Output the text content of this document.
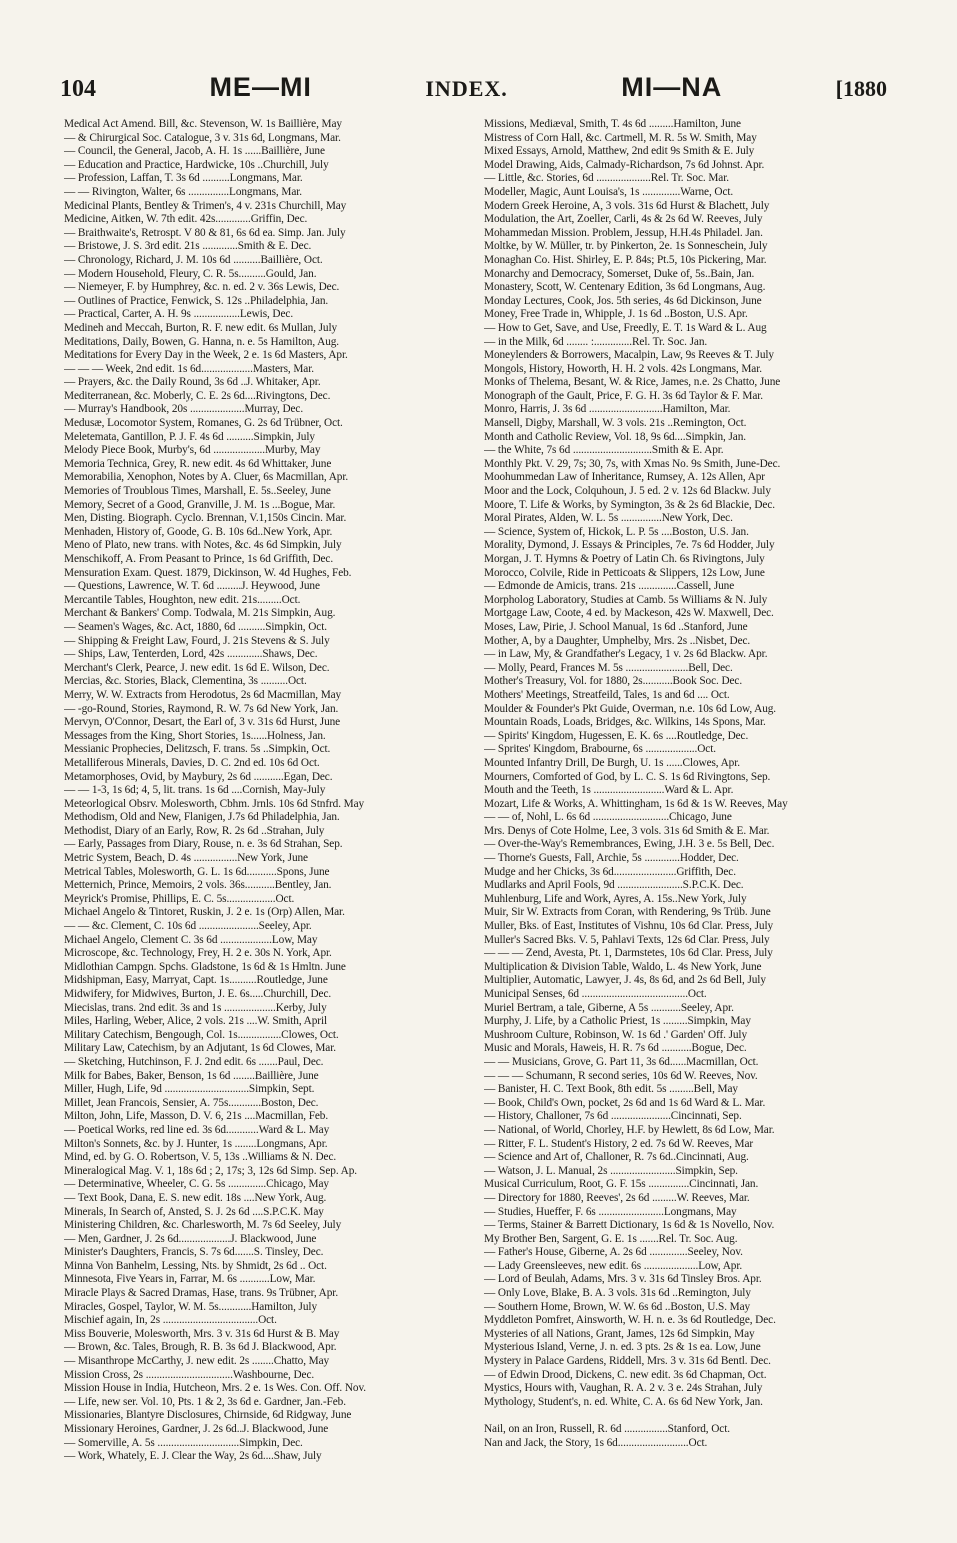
104	ME—MI	INDEX.	MI—NA	[1880
Medical Act Amend. Bill, &c. Stevenson, W. 1s Baillière, May
— & Chirurgical Soc. Catalogue, 3 v. 31s 6d, Longmans, Mar.
— Council, the General, Jacob, A. H. 1s ......Baillière, June
— Education and Practice, Hardwicke, 10s ..Churchill, July
— Profession, Laffan, T. 3s 6d ..........Longmans, Mar.
— — Rivington, Walter, 6s ...............Longmans, Mar.
Medicinal Plants, Bentley & Trimen's, 4 v. 231s Churchill, May
Medicine, Aitken, W. 7th edit. 42s.............Griffin, Dec.
— Braithwaite's, Retrospt. V 80 & 81, 6s 6d ea. Simp. Jan. July
— Bristowe, J. S. 3rd edit. 21s .............Smith & E. Dec.
— Chronology, Richard, J. M. 10s 6d ..........Baillière, Oct.
— Modern Household, Fleury, C. R. 5s..........Gould, Jan.
— Niemeyer, F. by Humphrey, &c. n. ed. 2 v. 36s Lewis, Dec.
— Outlines of Practice, Fenwick, S. 12s ..Philadelphia, Jan.
— Practical, Carter, A. H. 9s .................Lewis, Dec.
Medineh and Meccah, Burton, R. F. new edit. 6s Mullan, July
Meditations, Daily, Bowen, G. Hanna, n. e. 5s Hamilton, Aug.
Meditations for Every Day in the Week, 2 e. 1s 6d Masters, Apr.
— — — Week, 2nd edit. 1s 6d...................Masters, Mar.
— Prayers, &c. the Daily Round, 3s 6d ..J. Whitaker, Apr.
Mediterranean, &c. Moberly, C. E. 2s 6d....Rivingtons, Dec.
— Murray's Handbook, 20s ....................Murray, Dec.
Medusæ, Locomotor System, Romanes, G. 2s 6d Trübner, Oct.
Meletemata, Gantillon, P. J. F. 4s 6d ..........Simpkin, July
Melody Piece Book, Murby's, 6d ...................Murby, May
Memoria Technica, Grey, R. new edit. 4s 6d Whittaker, June
Memorabilia, Xenophon, Notes by A. Cluer, 6s Macmillan, Apr.
Memories of Troublous Times, Marshall, E. 5s..Seeley, June
Memory, Secret of a Good, Granville, J. M. 1s ...Bogue, Mar.
Men, Disting. Biograph. Cyclo. Brennan, V.1,150s Cincin. Mar.
Menhaden, History of, Goode, G. B. 10s 6d..New York, Apr.
Meno of Plato, new trans. with Notes, &c. 4s 6d Simpkin, July
Menschikoff, A. From Peasant to Prince, 1s 6d Griffith, Dec.
Mensuration Exam. Quest. 1879, Dickinson, W. 4d Hughes, Feb.
— Questions, Lawrence, W. T. 6d .........J. Heywood, June
Mercantile Tables, Houghton, new edit. 21s.........Oct.
Merchant & Bankers' Comp. Todwala, M. 21s Simpkin, Aug.
— Seamen's Wages, &c. Act, 1880, 6d ..........Simpkin, Oct.
— Shipping & Freight Law, Fourd, J. 21s Stevens & S. July
— Ships, Law, Tenterden, Lord, 42s .............Shaws, Dec.
Merchant's Clerk, Pearce, J. new edit. 1s 6d E. Wilson, Dec.
Mercias, &c. Stories, Black, Clementina, 3s ..........Oct.
Merry, W. W. Extracts from Herodotus, 2s 6d Macmillan, May
— -go-Round, Stories, Raymond, R. W. 7s 6d New York, Jan.
Mervyn, O'Connor, Desart, the Earl of, 3 v. 31s 6d Hurst, June
Messages from the King, Short Stories, 1s......Holness, Jan.
Messianic Prophecies, Delitzsch, F. trans. 5s ..Simpkin, Oct.
Metalliferous Minerals, Davies, D. C. 2nd ed. 10s 6d Oct.
Metamorphoses, Ovid, by Maybury, 2s 6d ...........Egan, Dec.
— — 1-3, 1s 6d; 4, 5, lit. trans. 1s 6d ....Cornish, May-July
Meteorlogical Obsrv. Molesworth, Cbhm. Jrnls. 10s 6d Stnfrd. May
Methodism, Old and New, Flanigen, J.7s 6d Philadelphia, Jan.
Methodist, Diary of an Early, Row, R. 2s 6d ..Strahan, July
— Early, Passages from Diary, Rouse, n. e. 3s 6d Strahan, Sep.
Metric System, Beach, D. 4s ................New York, June
Metrical Tables, Molesworth, G. L. 1s 6d...........Spons, June
Metternich, Prince, Memoirs, 2 vols. 36s...........Bentley, Jan.
Meyrick's Promise, Phillips, E. C. 5s..................Oct.
Michael Angelo & Tintoret, Ruskin, J. 2 e. 1s (Orp) Allen, Mar.
— — &c. Clement, C. 10s 6d ......................Seeley, Apr.
Michael Angelo, Clement C. 3s 6d ...................Low, May
Microscope, &c. Technology, Frey, H. 2 e. 30s N. York, Apr.
Midlothian Campgn. Spchs. Gladstone, 1s 6d & 1s Hmltn. June
Midshipman, Easy, Marryat, Capt. 1s..........Routledge, June
Midwifery, for Midwives, Burton, J. E. 6s.....Churchill, Dec.
Miecislas, trans. 2nd edit. 3s and 1s ...................Kerby, July
Miles, Harling, Weber, Alice, 2 vols. 21s ....W. Smith, April
Military Catechism, Bengough, Col. 1s................Clowes, Oct.
Military Law, Catechism, by an Adjutant, 1s 6d Clowes, Mar.
— Sketching, Hutchinson, F. J. 2nd edit. 6s .......Paul, Dec.
Milk for Babes, Baker, Benson, 1s 6d ........Baillière, June
Miller, Hugh, Life, 9d ...............................Simpkin, Sept.
Millet, Jean Francois, Sensier, A. 75s............Boston, Dec.
Milton, John, Life, Masson, D. V. 6, 21s ....Macmillan, Feb.
— Poetical Works, red line ed. 3s 6d............Ward & L. May
Milton's Sonnets, &c. by J. Hunter, 1s ........Longmans, Apr.
Mind, ed. by G. O. Robertson, V. 5, 13s ..Williams & N. Dec.
Mineralogical Mag. V. 1, 18s 6d ; 2, 17s; 3, 12s 6d Simp. Sep. Ap.
— Determinative, Wheeler, C. G. 5s ..............Chicago, May
— Text Book, Dana, E. S. new edit. 18s ....New York, Aug.
Minerals, In Search of, Ansted, S. J. 2s 6d ....S.P.C.K. May
Ministering Children, &c. Charlesworth, M. 7s 6d Seeley, July
— Men, Gardner, J. 2s 6d...................J. Blackwood, June
Minister's Daughters, Francis, S. 7s 6d.......S. Tinsley, Dec.
Minna Von Banhelm, Lessing, Nts. by Shmidt, 2s 6d .. Oct.
Minnesota, Five Years in, Farrar, M. 6s ...........Low, Mar.
Miracle Plays & Sacred Dramas, Hase, trans. 9s Trübner, Apr.
Miracles, Gospel, Taylor, W. M. 5s............Hamilton, July
Mischief again, In, 2s ...................................Oct.
Miss Bouverie, Molesworth, Mrs. 3 v. 31s 6d Hurst & B. May
— Brown, &c. Tales, Brough, R. B. 3s 6d J. Blackwood, Apr.
— Misanthrope McCarthy, J. new edit. 2s ........Chatto, May
Mission Cross, 2s ................................Washbourne, Dec.
Mission House in India, Hutcheon, Mrs. 2 e. 1s Wes. Con. Off. Nov.
— Life, new ser. Vol. 10, Pts. 1 & 2, 3s 6d e. Gardner, Jan.-Feb.
Missionaries, Blantyre Disclosures, Chirnside, 6d Ridgway, June
Missionary Heroines, Gardner, J. 2s 6d..J. Blackwood, June
— Somerville, A. 5s ..............................Simpkin, Dec.
— Work, Whately, E. J. Clear the Way, 2s 6d....Shaw, July
Missions, Mediæval, Smith, T. 4s 6d .........Hamilton, June
Mistress of Corn Hall, &c. Cartmell, M. R. 5s W. Smith, May
Mixed Essays, Arnold, Matthew, 2nd edit 9s Smith & E. July
Model Drawing, Aids, Calmady-Richardson, 7s 6d Johnst. Apr.
— Little, &c. Stories, 6d ....................Rel. Tr. Soc. Mar.
Modeller, Magic, Aunt Louisa's, 1s ..............Warne, Oct.
Modern Greek Heroine, A, 3 vols. 31s 6d Hurst & Blachett, July
Modulation, the Art, Zoeller, Carli, 4s & 2s 6d W. Reeves, July
Mohammedan Mission. Problem, Jessup, H.H.4s Philadel. Jan.
Moltke, by W. Müller, tr. by Pinkerton, 2e. 1s Sonneschein, July
Monaghan Co. Hist. Shirley, E. P. 84s; Pt.5, 10s Pickering, Mar.
Monarchy and Democracy, Somerset, Duke of, 5s..Bain, Jan.
Monastery, Scott, W. Centenary Edition, 3s 6d Longmans, Aug.
Monday Lectures, Cook, Jos. 5th series, 4s 6d Dickinson, June
Money, Free Trade in, Whipple, J. 1s 6d ..Boston, U.S. Apr.
— How to Get, Save, and Use, Freedly, E. T. 1s Ward & L. Aug
— in the Milk, 6d ........ :..............Rel. Tr. Soc. Jan.
Moneylenders & Borrowers, Macalpin, Law, 9s Reeves & T. July
Mongols, History, Howorth, H. H. 2 vols. 42s Longmans, Mar.
Monks of Thelema, Besant, W. & Rice, James, n.e. 2s Chatto, June
Monograph of the Gault, Price, F. G. H. 3s 6d Taylor & F. Mar.
Monro, Harris, J. 3s 6d ...........................Hamilton, Mar.
Mansell, Digby, Marshall, W. 3 vols. 21s ..Remington, Oct.
Month and Catholic Review, Vol. 18, 9s 6d....Simpkin, Jan.
— the White, 7s 6d .............................Smith & E. Apr.
Monthly Pkt. V. 29, 7s; 30, 7s, with Xmas No. 9s Smith, June-Dec.
Moohummedan Law of Inheritance, Rumsey, A. 12s Allen, Apr
Moor and the Lock, Colquhoun, J. 5 ed. 2 v. 12s 6d Blackw. July
Moore, T. Life & Works, by Symington, 3s & 2s 6d Blackie, Dec.
Moral Pirates, Alden, W. L. 5s ...............New York, Dec.
— Science, System of, Hickok, L. P. 5s ....Boston, U.S. Jan.
Morality, Dymond, J. Essays & Principles, 7e. 7s 6d Hodder, July
Morgan, J. T. Hymns & Poetry of Latin Ch. 6s Rivingtons, July
Morocco, Colvile, Ride in Petticoats & Slippers, 12s Low, June
— Edmonde de Amicis, trans. 21s ..............Cassell, June
Morpholog Laboratory, Studies at Camb. 5s Williams & N. July
Mortgage Law, Coote, 4 ed. by Mackeson, 42s W. Maxwell, Dec.
Moses, Law, Pirie, J. School Manual, 1s 6d ..Stanford, June
Mother, A, by a Daughter, Umphelby, Mrs. 2s ..Nisbet, Dec.
— in Law, My, & Grandfather's Legacy, 1 v. 2s 6d Blackw. Apr.
— Molly, Peard, Frances M. 5s .......................Bell, Dec.
Mother's Treasury, Vol. for 1880, 2s...........Book Soc. Dec.
Mothers' Meetings, Streatfeild, Tales, 1s and 6d .... Oct.
Moulder & Founder's Pkt Guide, Overman, n.e. 10s 6d Low, Aug.
Mountain Roads, Loads, Bridges, &c. Wilkins, 14s Spons, Mar.
— Spirits' Kingdom, Hugessen, E. K. 6s ....Routledge, Dec.
— Sprites' Kingdom, Brabourne, 6s ...................Oct.
Mounted Infantry Drill, De Burgh, U. 1s ......Clowes, Apr.
Mourners, Comforted of God, by L. C. S. 1s 6d Rivingtons, Sep.
Mouth and the Teeth, 1s ..........................Ward & L. Apr.
Mozart, Life & Works, A. Whittingham, 1s 6d & 1s W. Reeves, May
— — of, Nohl, L. 6s 6d ............................Chicago, June
Mrs. Denys of Cote Holme, Lee, 3 vols. 31s 6d Smith & E. Mar.
— Over-the-Way's Remembrances, Ewing, J.H. 3 e. 5s Bell, Dec.
— Thorne's Guests, Fall, Archie, 5s .............Hodder, Dec.
Mudge and her Chicks, 3s 6d.......................Griffith, Dec.
Mudlarks and April Fools, 9d ........................S.P.C.K. Dec.
Muhlenburg, Life and Work, Ayres, A. 15s..New York, July
Muir, Sir W. Extracts from Coran, with Rendering, 9s Trüb. June
Muller, Bks. of East, Institutes of Vishnu, 10s 6d Clar. Press, July
Muller's Sacred Bks. V. 5, Pahlavi Texts, 12s 6d Clar. Press, July
— — — Zend, Avesta, Pt. 1, Darmstetes, 10s 6d Clar. Press, July
Multiplication & Division Table, Waldo, L. 4s New York, June
Multiplier, Automatic, Lawyer, J. 4s, 8s 6d, and 2s 6d Bell, July
Municipal Senses, 6d .......................................Oct.
Muriel Bertram, a tale, Giberne, A 5s ...........Seeley, Apr.
Murphy, J. Life, by a Catholic Priest, 1s .........Simpkin, May
Mushroom Culture, Robinson, W. 1s 6d .' Garden' Off. July
Music and Morals, Haweis, H. R. 7s 6d ...........Bogue, Dec.
— — Musicians, Grove, G. Part 11, 3s 6d......Macmillan, Oct.
— — — Schumann, R second series, 10s 6d W. Reeves, Nov.
— Banister, H. C. Text Book, 8th edit. 5s .........Bell, May
— Book, Child's Own, pocket, 2s 6d and 1s 6d Ward & L. Mar.
— History, Challoner, 7s 6d ......................Cincinnati, Sep.
— National, of World, Chorley, H.F. by Hewlett, 8s 6d Low, Mar.
— Ritter, F. L. Student's History, 2 ed. 7s 6d W. Reeves, Mar
— Science and Art of, Challoner, R. 7s 6d..Cincinnati, Aug.
— Watson, J. L. Manual, 2s ........................Simpkin, Sep.
Musical Curriculum, Root, G. F. 15s ...............Cincinnati, Jan.
— Directory for 1880, Reeves', 2s 6d .........W. Reeves, Mar.
— Studies, Hueffer, F. 6s ........................Longmans, May
— Terms, Stainer & Barrett Dictionary, 1s 6d & 1s Novello, Nov.
My Brother Ben, Sargent, G. E. 1s .......Rel. Tr. Soc. Aug.
— Father's House, Giberne, A. 2s 6d ..............Seeley, Nov.
— Lady Greensleeves, new edit. 6s ....................Low, Apr.
— Lord of Beulah, Adams, Mrs. 3 v. 31s 6d Tinsley Bros. Apr.
— Only Love, Blake, B. A. 3 vols. 31s 6d ..Remington, July
— Southern Home, Brown, W. W. 6s 6d ..Boston, U.S. May
Myddleton Pomfret, Ainsworth, W. H. n. e. 3s 6d Routledge, Dec.
Mysteries of all Nations, Grant, James, 12s 6d Simpkin, May
Mysterious Island, Verne, J. n. ed. 3 pts. 2s & 1s ea. Low, June
Mystery in Palace Gardens, Riddell, Mrs. 3 v. 31s 6d Bentl. Dec.
— of Edwin Drood, Dickens, C. new edit. 3s 6d Chapman, Oct.
Mystics, Hours with, Vaughan, R. A. 2 v. 3 e. 24s Strahan, July
Mythology, Student's, n. ed. White, C. A. 6s 6d New York, Jan.
Nail, on an Iron, Russell, R. 6d ................Stanford, Oct.
Nan and Jack, the Story, 1s 6d..........................Oct.
